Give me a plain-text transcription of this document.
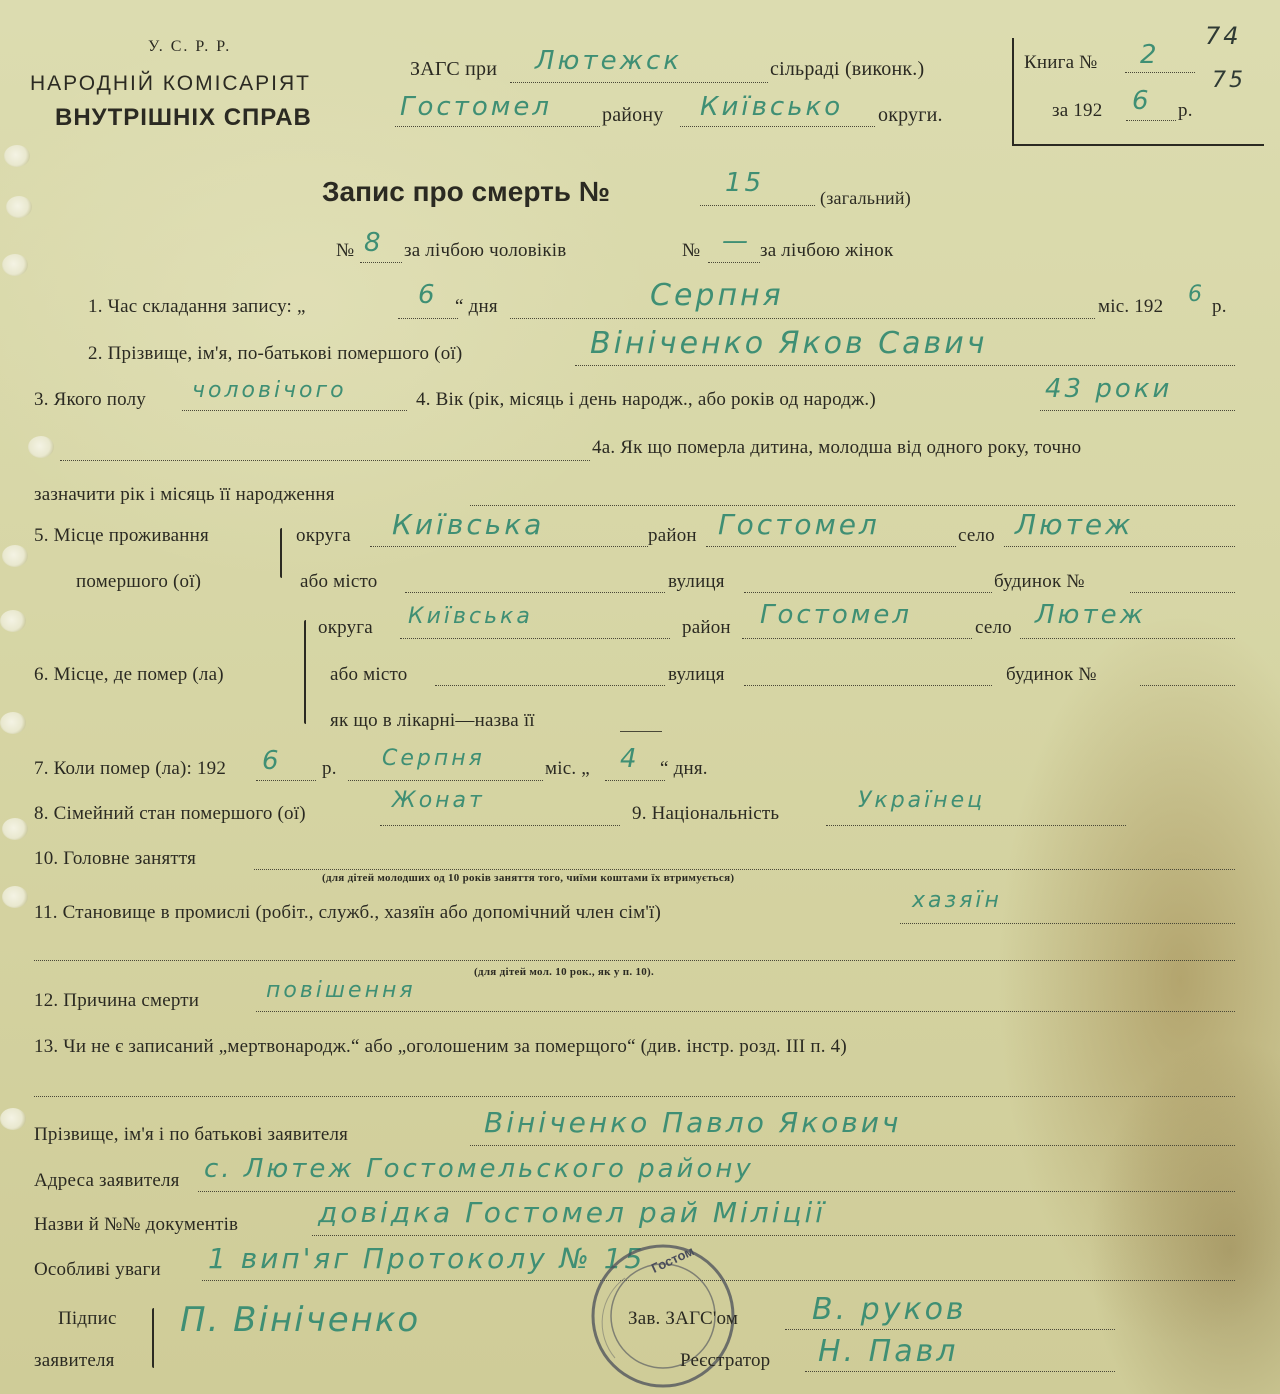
У. С. Р. Р.
НАРОДНІЙ КОМІСАРІЯТ
ВНУТРІШНІХ СПРАВ
ЗАГС при Лютежск	сільраді (виконк.)
Гостомел	району Київсько округи.
Книга № 2
74
75
за 192 6 р.
Запис про смерть №	15	(загальний)
№ 8 за лічбою чоловіків	№ — за лічбою жінок
1. Час складання запису: „	6 “ дня	Серпня	міс. 192 6 р.
2. Прізвище, ім'я, по-батькові помершого (ої)	Вініченко Яков Савич
3. Якого полу чоловічого	4. Вік (рік, місяць і день народж., або років од народж.)	43 роки
4а. Як що померла дитина, молодша від одного року, точно
зазначити рік і місяць її народження
5. Місце проживання
помершого (ої)
округа Київська	район Гостомел	село Лютеж
або місто	вулиця	будинок №
6. Місце, де помер (ла)
округа Київська	район Гостомел	село Лютеж
або місто	вулиця	будинок №
як що в лікарні—назва її
7. Коли помер (ла): 192 6 р. Серпня	міс. „ 4 “ дня.
8. Сімейний стан помершого (ої)
Жонат
9. Національність
Українец
10. Головне заняття
(для дітей молодших од 10 років заняття того, чиїми коштами їх втримується)
11. Становище в промислі (робіт., служб., хазяїн або допомічний член сім'ї)	хазяїн
(для дітей мол. 10 рок., як у п. 10).
12. Причина смерти	повішення
13. Чи не є записаний „мертвонародж.“ або „оголошеним за померщого“ (див. інстр. розд. III п. 4)
Прізвище, ім'я і по батькові заявителя	Вініченко Павло Якович
Адреса заявителя с. Лютеж Гостомельского району
Назви й №№ документів	довідка Гостомел рай Міліції
Особливі уваги 1 вип'яг Протоколу № 15
Підпис
заявителя
П. Вініченко
Гостом
Зав. ЗАГС'ом В. руков
Реєстратор Н. Павл
